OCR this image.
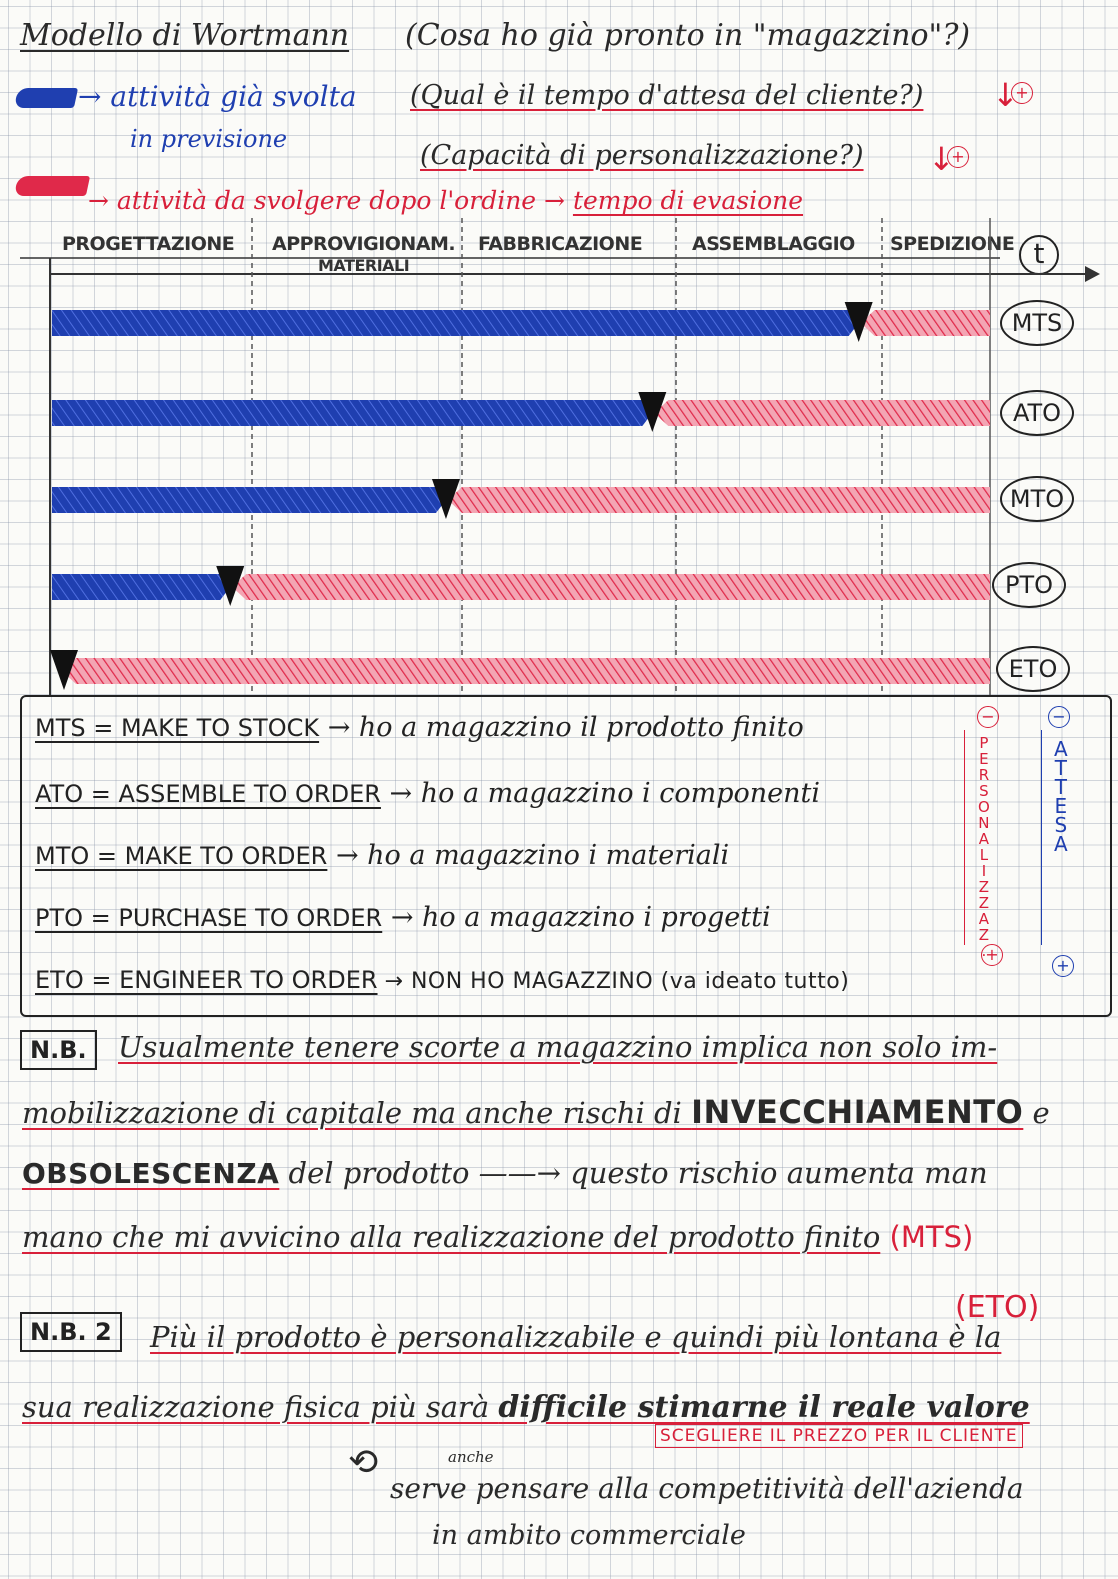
Modello di Wortmann (Cosa ho già pronto in "magazzino"?)
→ attività già svolta
in previsione
(Qual è il tempo d'attesa del cliente?) ↓
+
(Capacità di personalizzazione?) ↓
+
→ attività da svolgere dopo l'ordine → tempo di evasione
PROGETTAZIONE APPROVIGIONAM.
MATERIALI
FABBRICAZIONE	ASSEMBLAGGIO SPEDIZIONE t
MTS
ATO
MTO
PTO
ETO
MTS = MAKE TO STOCK → ho a magazzino il prodotto finito
ATO = ASSEMBLE TO ORDER → ho a magazzino i componenti
MTO = MAKE TO ORDER → ho a magazzino i materiali
PTO = PURCHASE TO ORDER → ho a magazzino i progetti
ETO = ENGINEER TO ORDER → NON HO MAGAZZINO (va ideato tutto)
−
P
E
R
S
O
N
A
L
I
Z
Z
A
Z
. +
−
A
T
T
E
S
A
+
N.B.	Usualmente tenere scorte a magazzino implica non solo im-
mobilizzazione di capitale ma anche rischi di INVECCHIAMENTO e
OBSOLESCENZA del prodotto ——→ questo rischio aumenta man
mano che mi avvicino alla realizzazione del prodotto finito (MTS)
(ETO)
N.B. 2	Più il prodotto è personalizzabile e quindi più lontana è la
sua realizzazione fisica più sarà difficile stimarne il reale valore
SCEGLIERE IL PREZZO PER IL CLIENTE
⟲	anche
serve pensare alla competitività dell'azienda
in ambito commerciale
